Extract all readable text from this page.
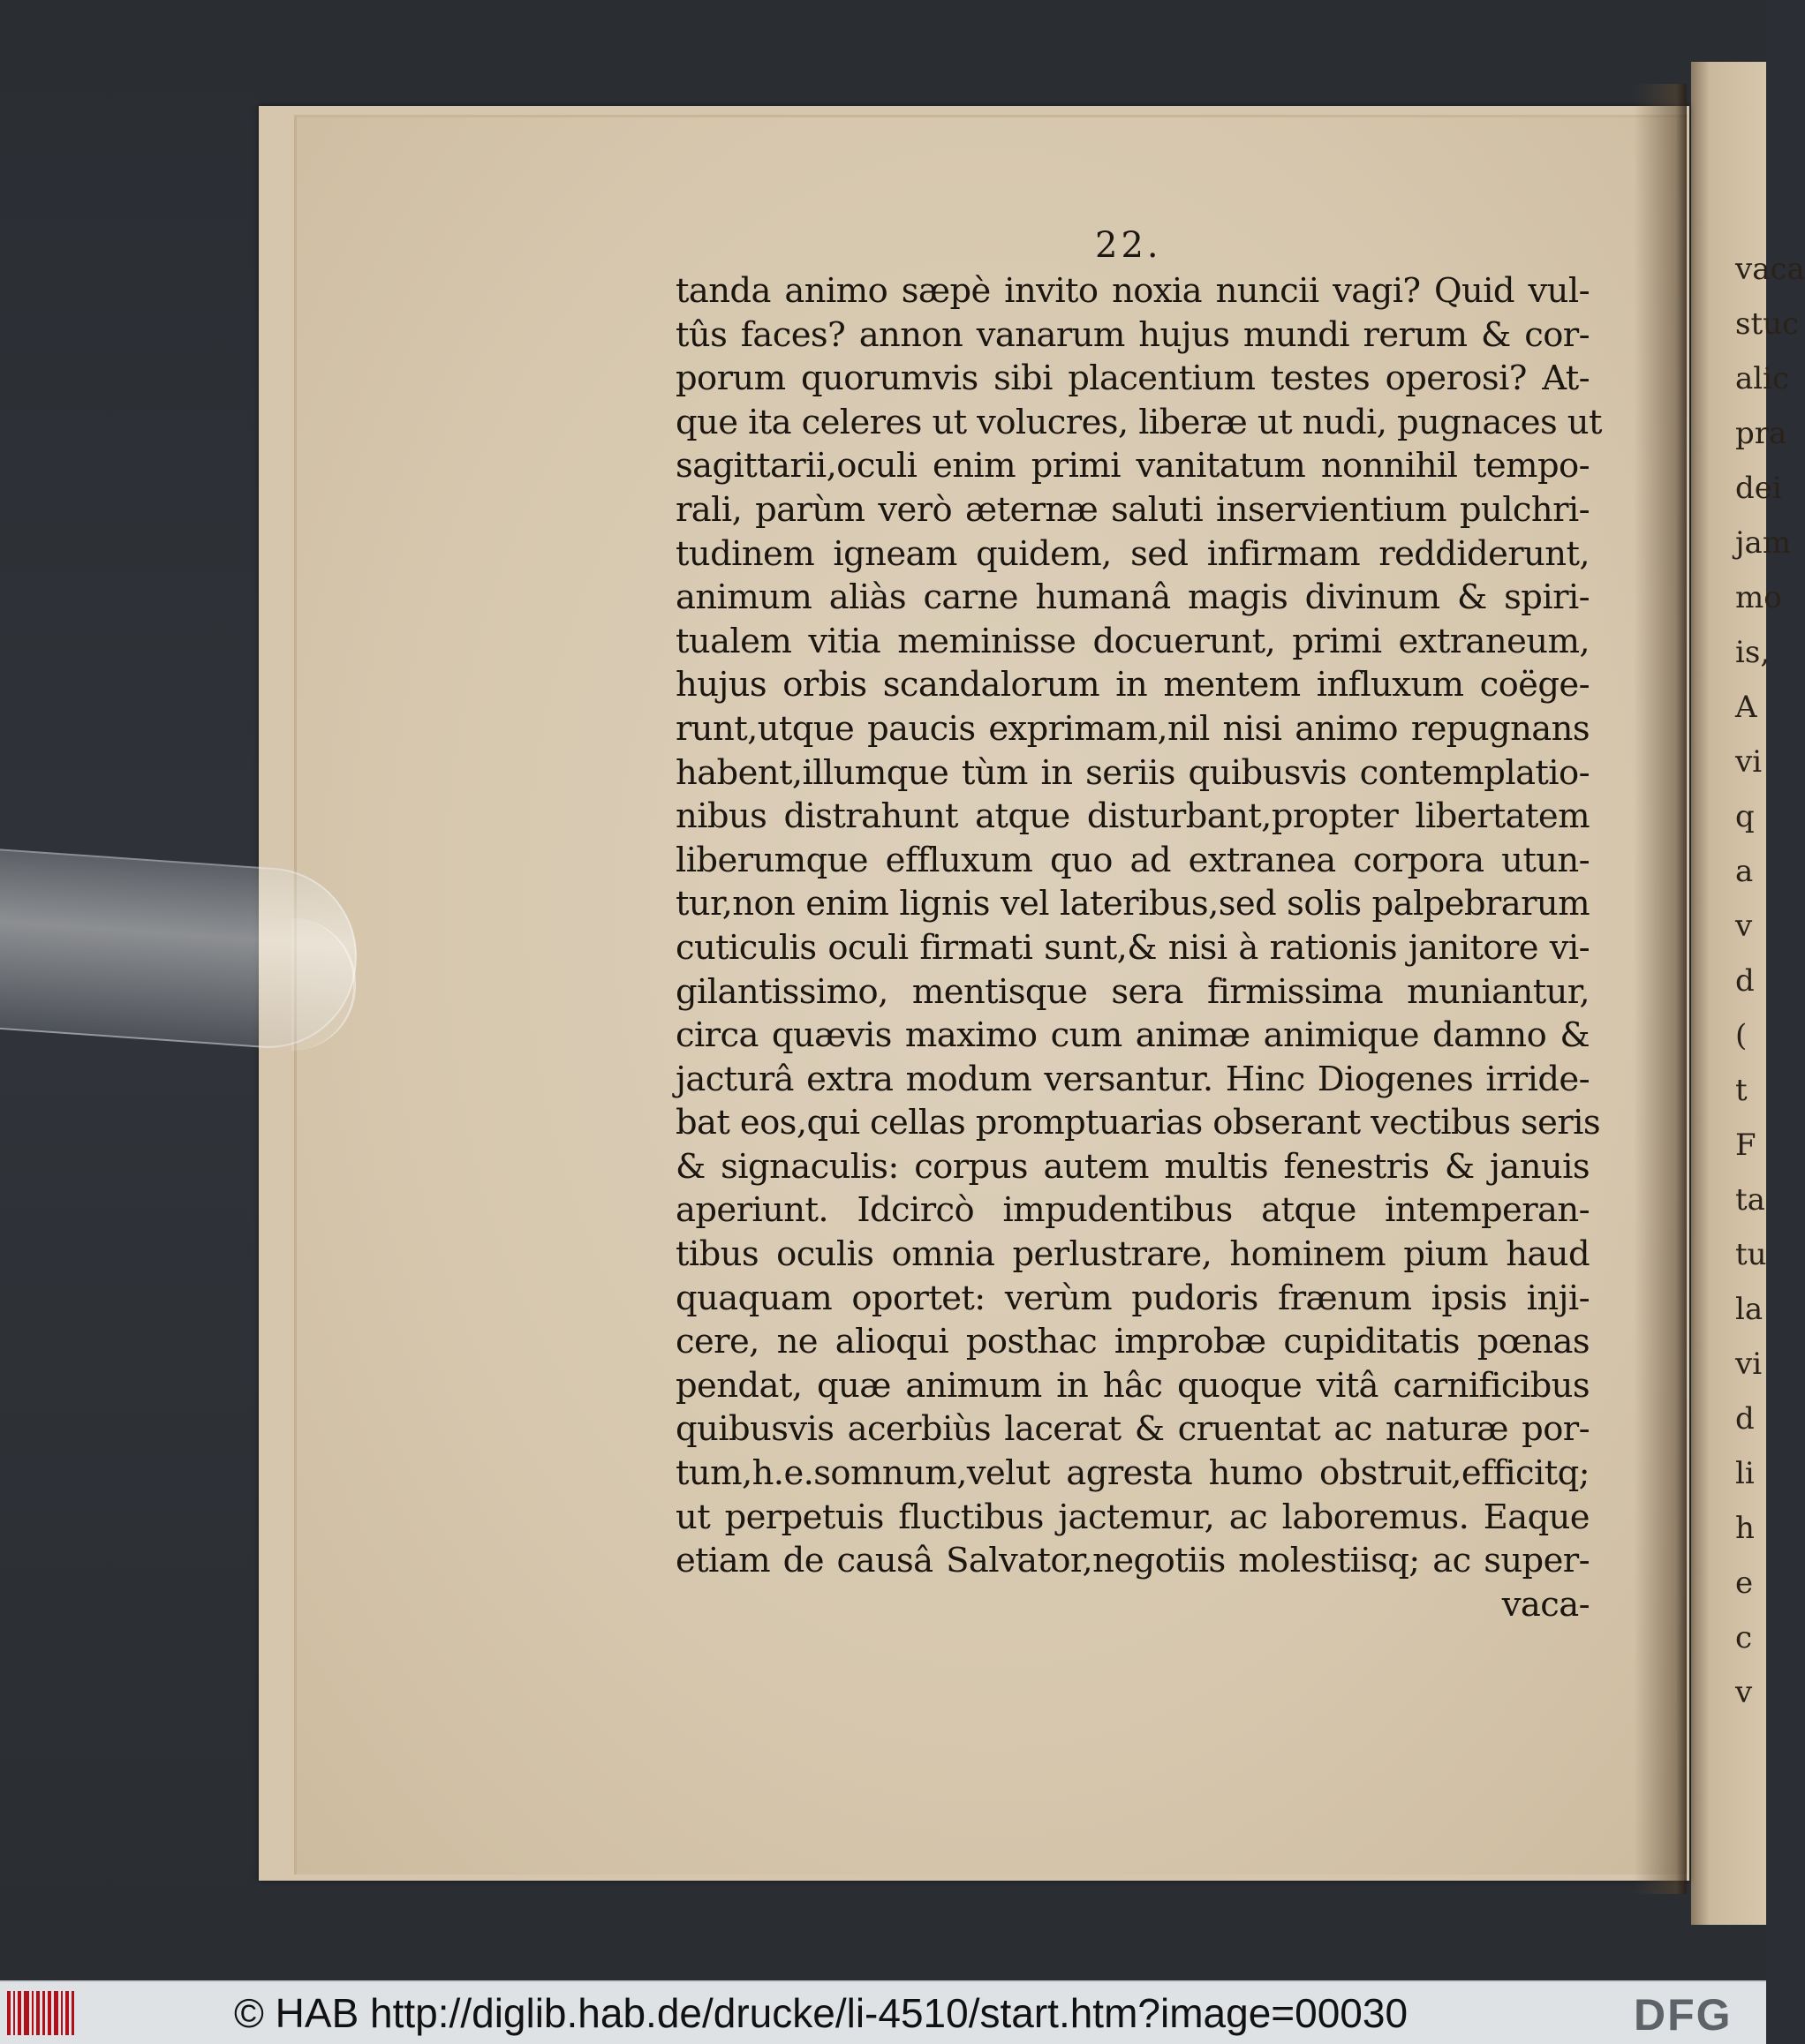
vaca
stuc
alic
pra
dei
jam
mo
is,
A
vi
q
a
v
d
(
t
F
ta
tu
la
vi
d
li
h
e
c
v
22.
tanda animo sæpè invito noxia nuncii vagi? Quid vul-
tûs faces? annon vanarum hujus mundi rerum & cor-
porum quorumvis sibi placentium testes operosi? At-
que ita celeres ut volucres, liberæ ut nudi, pugnaces ut
sagittarii,oculi enim primi vanitatum nonnihil tempo-
rali, parùm verò æternæ saluti inservientium pulchri-
tudinem igneam quidem, sed infirmam reddiderunt,
animum aliàs carne humanâ magis divinum & spiri-
tualem vitia meminisse docuerunt, primi extraneum,
hujus orbis scandalorum in mentem influxum coëge-
runt,utque paucis exprimam,nil nisi animo repugnans
habent,illumque tùm in seriis quibusvis contemplatio-
nibus distrahunt atque disturbant,propter libertatem
liberumque effluxum quo ad extranea corpora utun-
tur,non enim lignis vel lateribus,sed solis palpebrarum
cuticulis oculi firmati sunt,& nisi à rationis janitore vi-
gilantissimo, mentisque sera firmissima muniantur,
circa quævis maximo cum animæ animique damno &
jacturâ extra modum versantur. Hinc Diogenes irride-
bat eos,qui cellas promptuarias obserant vectibus seris
& signaculis: corpus autem multis fenestris & januis
aperiunt. Idcircò impudentibus atque intemperan-
tibus oculis omnia perlustrare, hominem pium haud
quaquam oportet: verùm pudoris frænum ipsis inji-
cere, ne alioqui posthac improbæ cupiditatis pœnas
pendat, quæ animum in hâc quoque vitâ carnificibus
quibusvis acerbiùs lacerat & cruentat ac naturæ por-
tum,h.e.somnum,velut agresta humo obstruit,efficitq;
ut perpetuis fluctibus jactemur, ac laboremus. Eaque
etiam de causâ Salvator,negotiis molestiisq; ac super-
vaca-
© HAB http://diglib.hab.de/drucke/li-4510/start.htm?image=00030	DFG
